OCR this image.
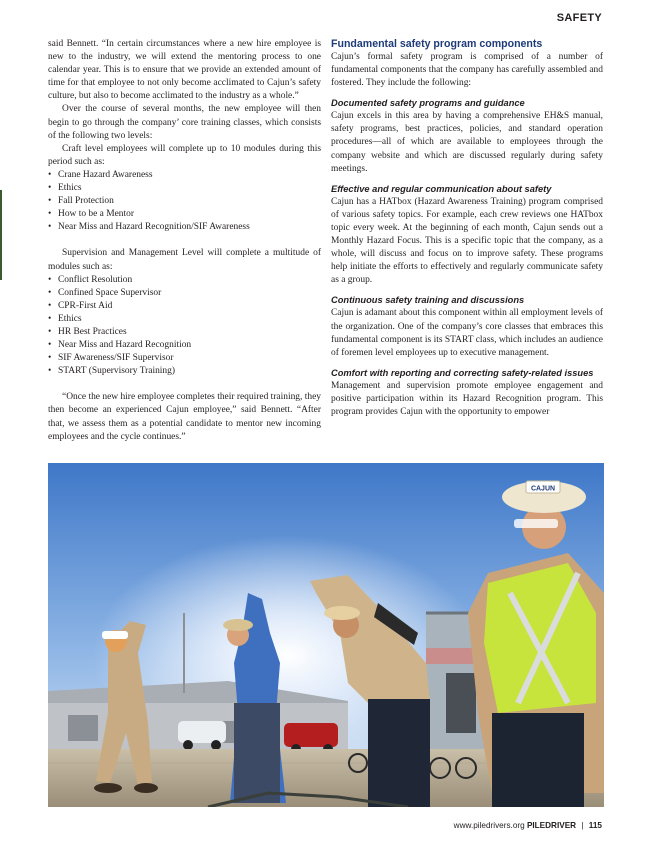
SAFETY

said Bennett. “In certain circumstances where a new hire employee is new to the industry, we will extend the mentoring process to one calendar year. This is to ensure that we provide an extended amount of time for that employee to not only become acclimated to Cajun’s safety culture, but also to become acclimated to the industry as a whole.”

Over the course of several months, the new employee will then begin to go through the company’ core training classes, which consists of the following two levels:

Craft level employees will complete up to 10 modules during this period such as:

• Crane Hazard Awareness
• Ethics
• Fall Protection
• How to be a Mentor
• Near Miss and Hazard Recognition/SIF Awareness

Supervision and Management Level will complete a multitude of modules such as:

• Conflict Resolution
• Confined Space Supervisor
• CPR-First Aid
• Ethics
• HR Best Practices
• Near Miss and Hazard Recognition
• SIF Awareness/SIF Supervisor
• START (Supervisory Training)

“Once the new hire employee completes their required training, they then become an experienced Cajun employee,” said Bennett. “After that, we assess them as a potential candidate to mentor new incoming employees and the cycle continues.”

Fundamental safety program components

Cajun’s formal safety program is comprised of a number of fundamental components that the company has carefully assembled and fostered. They include the following:

Documented safety programs and guidance

Cajun excels in this area by having a comprehensive EH&S manual, safety programs, best practices, policies, and standard operation procedures—all of which are available to employees through the company website and which are discussed regularly during safety meetings.

Effective and regular communication about safety

Cajun has a HATbox (Hazard Awareness Training) program comprised of various safety topics. For example, each crew reviews one HATbox topic every week. At the beginning of each month, Cajun sends out a Monthly Hazard Focus. This is a specific topic that the company, as a whole, will discuss and focus on to improve safety. These programs help initiate the efforts to effectively and regularly communicate safety as a group.

Continuous safety training and discussions

Cajun is adamant about this component within all employment levels of the organization. One of the company’s core classes that embraces this fundamental component is its START class, which includes an audience of foremen level employees up to executive management.

Comfort with reporting and correcting safety-related issues

Management and supervision promote employee engagement and positive participation within its Hazard Recognition program. This program provides Cajun with the opportunity to empower

CAJUN
www.piledrivers.org PILEDRIVER | 115
